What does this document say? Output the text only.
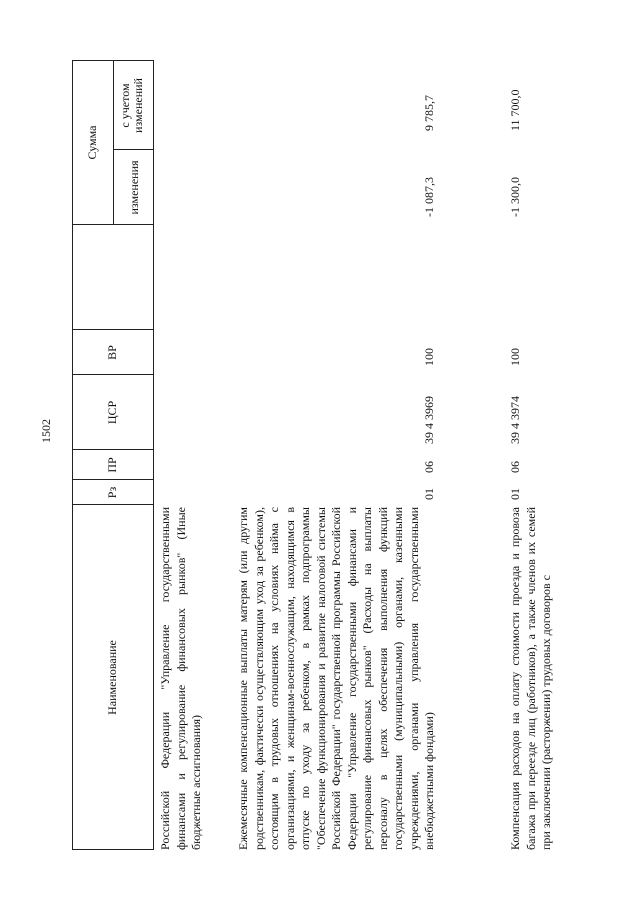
1502
Наименование
Рз
ПР
ЦСР
ВР
Сумма
изменения
с учетом изменений
Российской Федерации "Управление государственными финансами и регулирование финансовых рынков" (Иные бюджетные ассигнования)	Ежемесячные компенсационные выплаты матерям (или другим родственникам, фактически осуществляющим уход за ребенком), состоящим в трудовых отношениях на условиях найма с организациями, и женщинам-военнослужащим, находящимся в отпуске по уходу за ребенком, в рамках подпрограммы "Обеспечение функционирования и развитие налоговой системы Российской Федерации" государственной программы Российской Федерации "Управление государственными финансами и регулирование финансовых рынков" (Расходы на выплаты персоналу в целях обеспечения выполнения функций государственными (муниципальными) органами, казенными учреждениями, органами управления государственными внебюджетными фондами)
01
06
39 4 3969
100
-1 087,3
9 785,7
Компенсация расходов на оплату стоимости проезда и провоза багажа при переезде лиц (работников), а также членов их семей при заключении (расторжении) трудовых договоров с
01
06
39 4 3974
100
-1 300,0
11 700,0
